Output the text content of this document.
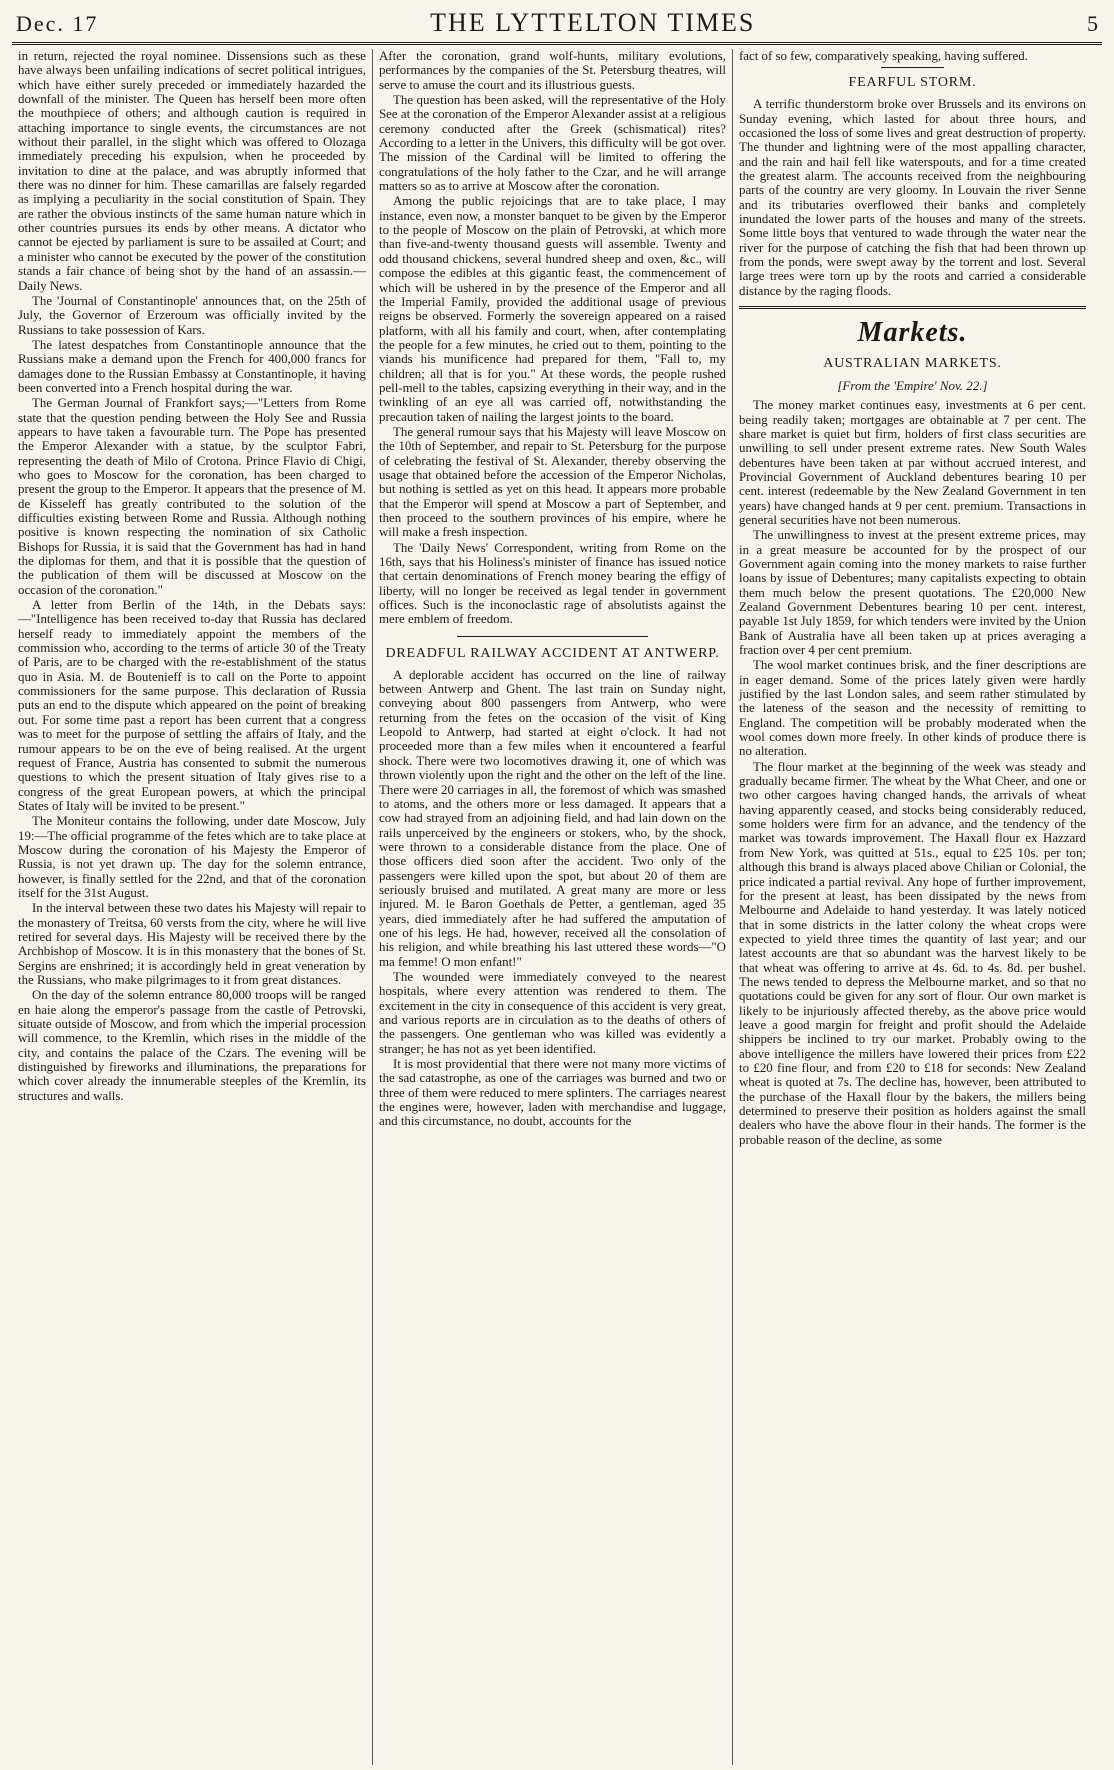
Dec. 17	THE LYTTELTON TIMES	5

in return, rejected the royal nominee. Dissensions such as these have always been unfailing indications of secret political intrigues, which have either surely preceded or immediately hazarded the downfall of the minister. The Queen has herself been more often the mouthpiece of others; and although caution is required in attaching importance to single events, the circumstances are not without their parallel, in the slight which was offered to Olozaga immediately preceding his expulsion, when he proceeded by invitation to dine at the palace, and was abruptly informed that there was no dinner for him. These camarillas are falsely regarded as implying a peculiarity in the social constitution of Spain. They are rather the obvious instincts of the same human nature which in other countries pursues its ends by other means. A dictator who cannot be ejected by parliament is sure to be assailed at Court; and a minister who cannot be executed by the power of the constitution stands a fair chance of being shot by the hand of an assassin.—Daily News.

The 'Journal of Constantinople' announces that, on the 25th of July, the Governor of Erzeroum was officially invited by the Russians to take possession of Kars.

The latest despatches from Constantinople announce that the Russians make a demand upon the French for 400,000 francs for damages done to the Russian Embassy at Constantinople, it having been converted into a French hospital during the war.

The German Journal of Frankfort says;—"Letters from Rome state that the question pending between the Holy See and Russia appears to have taken a favourable turn. The Pope has presented the Emperor Alexander with a statue, by the sculptor Fabri, representing the death of Milo of Crotona. Prince Flavio di Chigi, who goes to Moscow for the coronation, has been charged to present the group to the Emperor. It appears that the presence of M. de Kisseleff has greatly contributed to the solution of the difficulties existing between Rome and Russia. Although nothing positive is known respecting the nomination of six Catholic Bishops for Russia, it is said that the Government has had in hand the diplomas for them, and that it is possible that the question of the publication of them will be discussed at Moscow on the occasion of the coronation."

A letter from Berlin of the 14th, in the Debats says:—"Intelligence has been received to-day that Russia has declared herself ready to immediately appoint the members of the commission who, according to the terms of article 30 of the Treaty of Paris, are to be charged with the re-establishment of the status quo in Asia. M. de Boutenieff is to call on the Porte to appoint commissioners for the same purpose. This declaration of Russia puts an end to the dispute which appeared on the point of breaking out. For some time past a report has been current that a congress was to meet for the purpose of settling the affairs of Italy, and the rumour appears to be on the eve of being realised. At the urgent request of France, Austria has consented to submit the numerous questions to which the present situation of Italy gives rise to a congress of the great European powers, at which the principal States of Italy will be invited to be present."

The Moniteur contains the following, under date Moscow, July 19:—The official programme of the fetes which are to take place at Moscow during the coronation of his Majesty the Emperor of Russia, is not yet drawn up. The day for the solemn entrance, however, is finally settled for the 22nd, and that of the coronation itself for the 31st August.

In the interval between these two dates his Majesty will repair to the monastery of Treitsa, 60 versts from the city, where he will live retired for several days. His Majesty will be received there by the Archbishop of Moscow. It is in this monastery that the bones of St. Sergins are enshrined; it is accordingly held in great veneration by the Russians, who make pilgrimages to it from great distances.

On the day of the solemn entrance 80,000 troops will be ranged en haie along the emperor's passage from the castle of Petrovski, situate outside of Moscow, and from which the imperial procession will commence, to the Kremlin, which rises in the middle of the city, and contains the palace of the Czars. The evening will be distinguished by fireworks and illuminations, the preparations for which cover already the innumerable steeples of the Kremlin, its structures and walls.

After the coronation, grand wolf-hunts, military evolutions, performances by the companies of the St. Petersburg theatres, will serve to amuse the court and its illustrious guests.

The question has been asked, will the representative of the Holy See at the coronation of the Emperor Alexander assist at a religious ceremony conducted after the Greek (schismatical) rites? According to a letter in the Univers, this difficulty will be got over. The mission of the Cardinal will be limited to offering the congratulations of the holy father to the Czar, and he will arrange matters so as to arrive at Moscow after the coronation.

Among the public rejoicings that are to take place, I may instance, even now, a monster banquet to be given by the Emperor to the people of Moscow on the plain of Petrovski, at which more than five-and-twenty thousand guests will assemble. Twenty and odd thousand chickens, several hundred sheep and oxen, &c., will compose the edibles at this gigantic feast, the commencement of which will be ushered in by the presence of the Emperor and all the Imperial Family, provided the additional usage of previous reigns be observed. Formerly the sovereign appeared on a raised platform, with all his family and court, when, after contemplating the people for a few minutes, he cried out to them, pointing to the viands his munificence had prepared for them, "Fall to, my children; all that is for you." At these words, the people rushed pell-mell to the tables, capsizing everything in their way, and in the twinkling of an eye all was carried off, notwithstanding the precaution taken of nailing the largest joints to the board.

The general rumour says that his Majesty will leave Moscow on the 10th of September, and repair to St. Petersburg for the purpose of celebrating the festival of St. Alexander, thereby observing the usage that obtained before the accession of the Emperor Nicholas, but nothing is settled as yet on this head. It appears more probable that the Emperor will spend at Moscow a part of September, and then proceed to the southern provinces of his empire, where he will make a fresh inspection.

The 'Daily News' Correspondent, writing from Rome on the 16th, says that his Holiness's minister of finance has issued notice that certain denominations of French money bearing the effigy of liberty, will no longer be received as legal tender in government offices. Such is the inconoclastic rage of absolutists against the mere emblem of freedom.

DREADFUL RAILWAY ACCIDENT AT ANTWERP.

A deplorable accident has occurred on the line of railway between Antwerp and Ghent. The last train on Sunday night, conveying about 800 passengers from Antwerp, who were returning from the fetes on the occasion of the visit of King Leopold to Antwerp, had started at eight o'clock. It had not proceeded more than a few miles when it encountered a fearful shock. There were two locomotives drawing it, one of which was thrown violently upon the right and the other on the left of the line. There were 20 carriages in all, the foremost of which was smashed to atoms, and the others more or less damaged. It appears that a cow had strayed from an adjoining field, and had lain down on the rails unperceived by the engineers or stokers, who, by the shock, were thrown to a considerable distance from the place. One of those officers died soon after the accident. Two only of the passengers were killed upon the spot, but about 20 of them are seriously bruised and mutilated. A great many are more or less injured. M. le Baron Goethals de Petter, a gentleman, aged 35 years, died immediately after he had suffered the amputation of one of his legs. He had, however, received all the consolation of his religion, and while breathing his last uttered these words—"O ma femme! O mon enfant!"

The wounded were immediately conveyed to the nearest hospitals, where every attention was rendered to them. The excitement in the city in consequence of this accident is very great, and various reports are in circulation as to the deaths of others of the passengers. One gentleman who was killed was evidently a stranger; he has not as yet been identified.

It is most providential that there were not many more victims of the sad catastrophe, as one of the carriages was burned and two or three of them were reduced to mere splinters. The carriages nearest the engines were, however, laden with merchandise and luggage, and this circumstance, no doubt, accounts for the

fact of so few, comparatively speaking, having suffered.

FEARFUL STORM.

A terrific thunderstorm broke over Brussels and its environs on Sunday evening, which lasted for about three hours, and occasioned the loss of some lives and great destruction of property. The thunder and lightning were of the most appalling character, and the rain and hail fell like waterspouts, and for a time created the greatest alarm. The accounts received from the neighbouring parts of the country are very gloomy. In Louvain the river Senne and its tributaries overflowed their banks and completely inundated the lower parts of the houses and many of the streets. Some little boys that ventured to wade through the water near the river for the purpose of catching the fish that had been thrown up from the ponds, were swept away by the torrent and lost. Several large trees were torn up by the roots and carried a considerable distance by the raging floods.

Markets.
AUSTRALIAN MARKETS.
[From the 'Empire' Nov. 22.]

The money market continues easy, investments at 6 per cent. being readily taken; mortgages are obtainable at 7 per cent. The share market is quiet but firm, holders of first class securities are unwilling to sell under present extreme rates. New South Wales debentures have been taken at par without accrued interest, and Provincial Government of Auckland debentures bearing 10 per cent. interest (redeemable by the New Zealand Government in ten years) have changed hands at 9 per cent. premium. Transactions in general securities have not been numerous.

The unwillingness to invest at the present extreme prices, may in a great measure be accounted for by the prospect of our Government again coming into the money markets to raise further loans by issue of Debentures; many capitalists expecting to obtain them much below the present quotations. The £20,000 New Zealand Government Debentures bearing 10 per cent. interest, payable 1st July 1859, for which tenders were invited by the Union Bank of Australia have all been taken up at prices averaging a fraction over 4 per cent premium.

The wool market continues brisk, and the finer descriptions are in eager demand. Some of the prices lately given were hardly justified by the last London sales, and seem rather stimulated by the lateness of the season and the necessity of remitting to England. The competition will be probably moderated when the wool comes down more freely. In other kinds of produce there is no alteration.

The flour market at the beginning of the week was steady and gradually became firmer. The wheat by the What Cheer, and one or two other cargoes having changed hands, the arrivals of wheat having apparently ceased, and stocks being considerably reduced, some holders were firm for an advance, and the tendency of the market was towards improvement. The Haxall flour ex Hazzard from New York, was quitted at 51s., equal to £25 10s. per ton; although this brand is always placed above Chilian or Colonial, the price indicated a partial revival. Any hope of further improvement, for the present at least, has been dissipated by the news from Melbourne and Adelaide to hand yesterday. It was lately noticed that in some districts in the latter colony the wheat crops were expected to yield three times the quantity of last year; and our latest accounts are that so abundant was the harvest likely to be that wheat was offering to arrive at 4s. 6d. to 4s. 8d. per bushel. The news tended to depress the Melbourne market, and so that no quotations could be given for any sort of flour. Our own market is likely to be injuriously affected thereby, as the above price would leave a good margin for freight and profit should the Adelaide shippers be inclined to try our market. Probably owing to the above intelligence the millers have lowered their prices from £22 to £20 fine flour, and from £20 to £18 for seconds: New Zealand wheat is quoted at 7s. The decline has, however, been attributed to the purchase of the Haxall flour by the bakers, the millers being determined to preserve their position as holders against the small dealers who have the above flour in their hands. The former is the probable reason of the decline, as some
